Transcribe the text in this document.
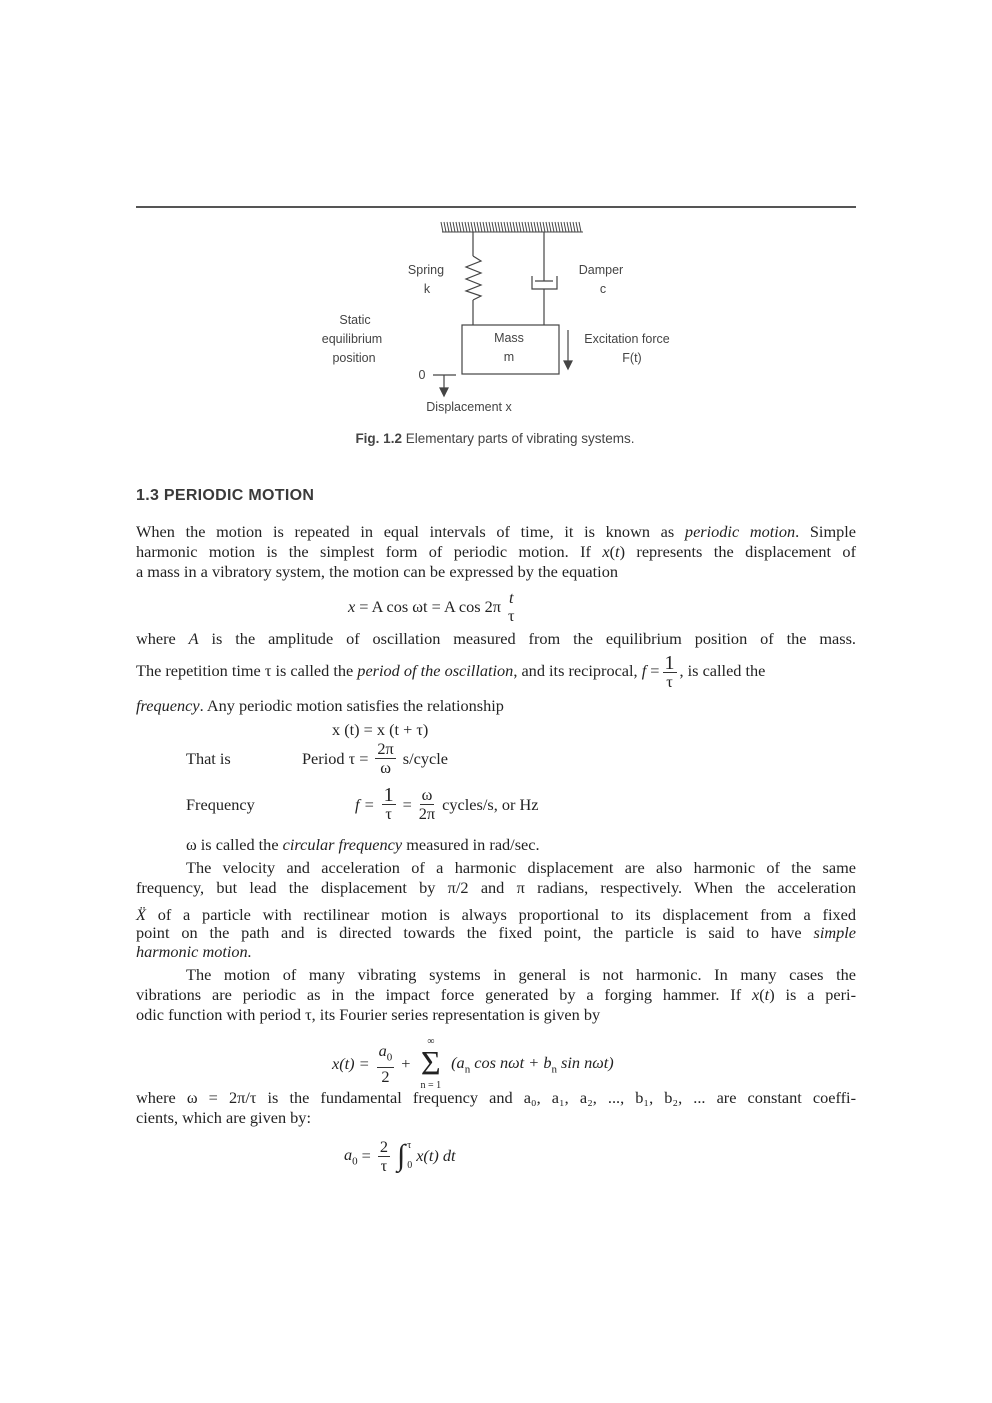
Spring
k
Damper
c
Static
equilibrium
position
Mass
m
Excitation force
F(t)
0
Displacement x
Fig. 1.2 Elementary parts of vibrating systems.
1.3 PERIODIC MOTION
When the motion is repeated in equal intervals of time, it is known as periodic motion. Simple
harmonic motion is the simplest form of periodic motion. If x(t) represents the displacement of
a mass in a vibratory system, the motion can be expressed by the equation
x = A cos ωt = A cos 2π t
τ
where A is the amplitude of oscillation measured from the equilibrium position of the mass.
The repetition time τ is called the period of the oscillation, and its reciprocal, $f = \frac{1}{\tau}$ , is called the
frequency. Any periodic motion satisfies the relationship
x (t) = x (t + τ)
That is	Period $\tau = \frac{2\pi}{\omega}$ s/cycle
Frequency	$f = \frac{1}{\tau} = \frac{\omega}{2\pi}$ cycles/s, or Hz
ω is called the circular frequency measured in rad/sec.
The velocity and acceleration of a harmonic displacement are also harmonic of the same
frequency, but lead the displacement by π/2 and π radians, respectively. When the acceleration
Ẍ of a particle with rectilinear motion is always proportional to its displacement from a fixed
point on the path and is directed towards the fixed point, the particle is said to have simple
harmonic motion.
The motion of many vibrating systems in general is not harmonic. In many cases the
vibrations are periodic as in the impact force generated by a forging hammer. If x(t) is a peri-
odic function with period τ, its Fourier series representation is given by
$x(t) = \frac{a_0}{2}$ +
∞
Σ
n = 1
($a_n$ $\cos n\omega t + b_n$ sin nωt)
where ω = 2π/τ is the fundamental frequency and a₀, a₁, a₂, ..., b₁, b₂, ... are constant coeffi-
cients, which are given by:
$a_0 = \frac{2}{\tau}$ ∫ τ
0
x(t) dt
